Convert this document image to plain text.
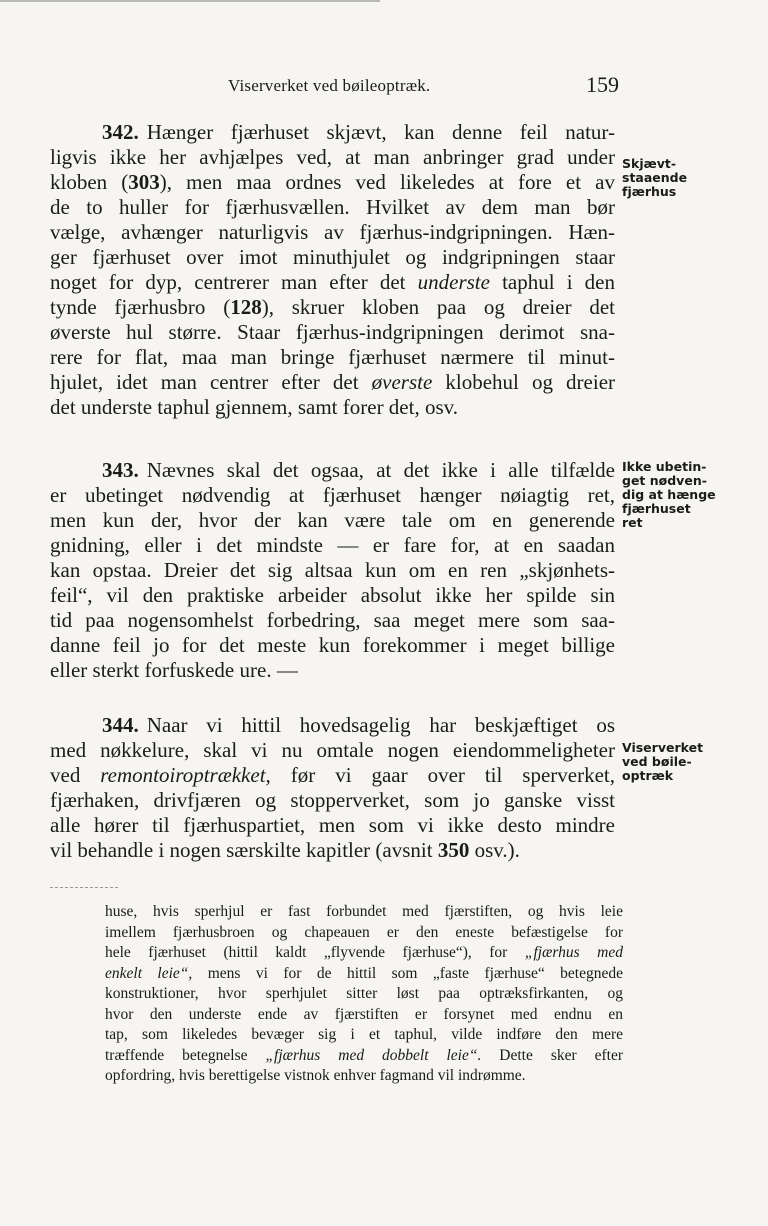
Viserverket ved bøileoptræk.	159
342. Hænger fjærhuset skjævt, kan denne feil natur-
ligvis ikke her avhjælpes ved, at man anbringer grad under
kloben (303), men maa ordnes ved likeledes at fore et av
de to huller for fjærhusvællen. Hvilket av dem man bør
vælge, avhænger naturligvis av fjærhus-indgripningen. Hæn-
ger fjærhuset over imot minuthjulet og indgripningen staar
noget for dyp, centrerer man efter det underste taphul i den
tynde fjærhusbro (128), skruer kloben paa og dreier det
øverste hul større. Staar fjærhus-indgripningen derimot sna-
rere for flat, maa man bringe fjærhuset nærmere til minut-
hjulet, idet man centrer efter det øverste klobehul og dreier
det underste taphul gjennem, samt forer det, osv.
Skjævt-
staaende
fjærhus
343. Nævnes skal det ogsaa, at det ikke i alle tilfælde
er ubetinget nødvendig at fjærhuset hænger nøiagtig ret,
men kun der, hvor der kan være tale om en generende
gnidning, eller i det mindste — er fare for, at en saadan
kan opstaa. Dreier det sig altsaa kun om en ren „skjønhets-
feil“, vil den praktiske arbeider absolut ikke her spilde sin
tid paa nogensomhelst forbedring, saa meget mere som saa-
danne feil jo for det meste kun forekommer i meget billige
eller sterkt forfuskede ure. —
Ikke ubetin-
get nødven-
dig at hænge
fjærhuset
ret
344. Naar vi hittil hovedsagelig har beskjæftiget os
med nøkkelure, skal vi nu omtale nogen eiendommeligheter
ved remontoiroptrækket, før vi gaar over til sperverket,
fjærhaken, drivfjæren og stopperverket, som jo ganske visst
alle hører til fjærhuspartiet, men som vi ikke desto mindre
vil behandle i nogen særskilte kapitler (avsnit 350 osv.).
Viserverket
ved bøile-
optræk
huse, hvis sperhjul er fast forbundet med fjærstiften, og hvis leie
imellem fjærhusbroen og chapeauen er den eneste befæstigelse for
hele fjærhuset (hittil kaldt „flyvende fjærhuse“), for „fjærhus med
enkelt leie“, mens vi for de hittil som „faste fjærhuse“ betegnede
konstruktioner, hvor sperhjulet sitter løst paa optræksfirkanten, og
hvor den underste ende av fjærstiften er forsynet med endnu en
tap, som likeledes bevæger sig i et taphul, vilde indføre den mere
træffende betegnelse „fjærhus med dobbelt leie“. Dette sker efter
opfordring, hvis berettigelse vistnok enhver fagmand vil indrømme.
